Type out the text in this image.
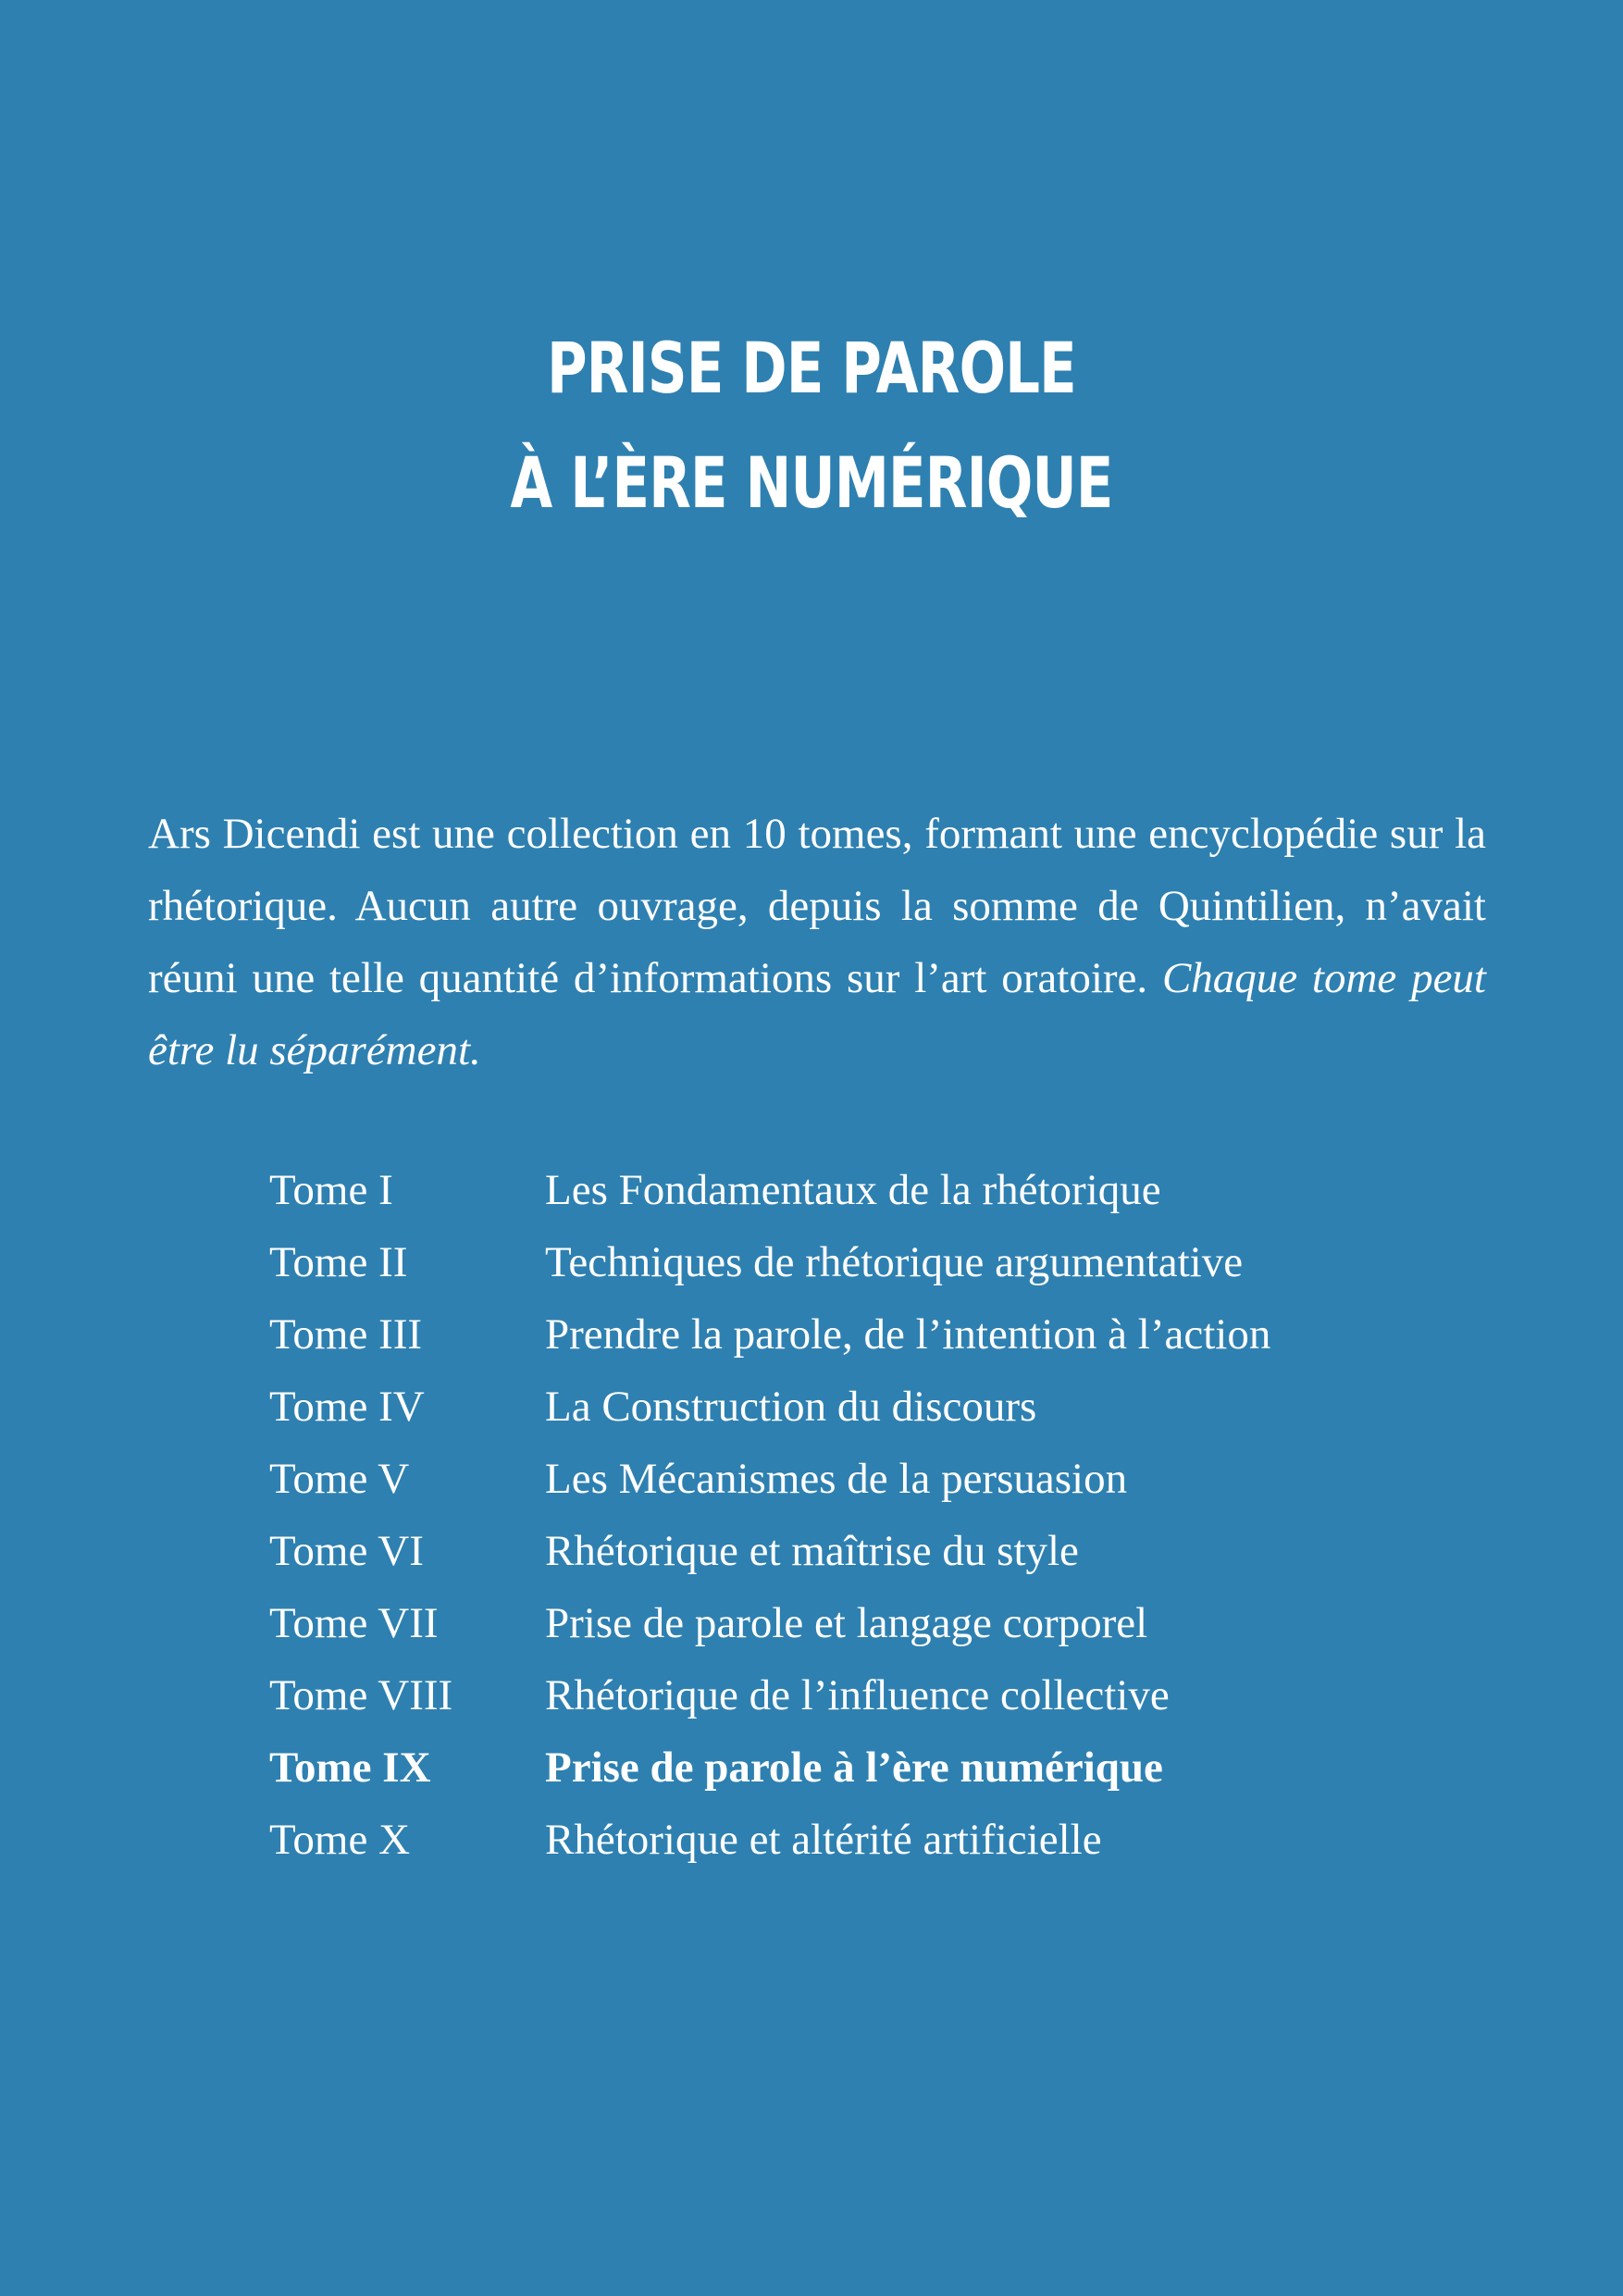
PRISE DE PAROLE
À L’ÈRE NUMÉRIQUE

Ars Dicendi est une collection en 10 tomes, formant une encyclopédie sur la rhétorique. Aucun autre ouvrage, depuis la somme de Quintilien, n’avait réuni une telle quantité d’informations sur l’art oratoire. Chaque tome peut être lu séparément.

Tome I	Les Fondamentaux de la rhétorique
Tome II	Techniques de rhétorique argumentative
Tome III	Prendre la parole, de l’intention à l’action
Tome IV	La Construction du discours
Tome V	Les Mécanismes de la persuasion
Tome VI	Rhétorique et maîtrise du style
Tome VII	Prise de parole et langage corporel
Tome VIII	Rhétorique de l’influence collective
Tome IX	Prise de parole à l’ère numérique
Tome X	Rhétorique et altérité artificielle
